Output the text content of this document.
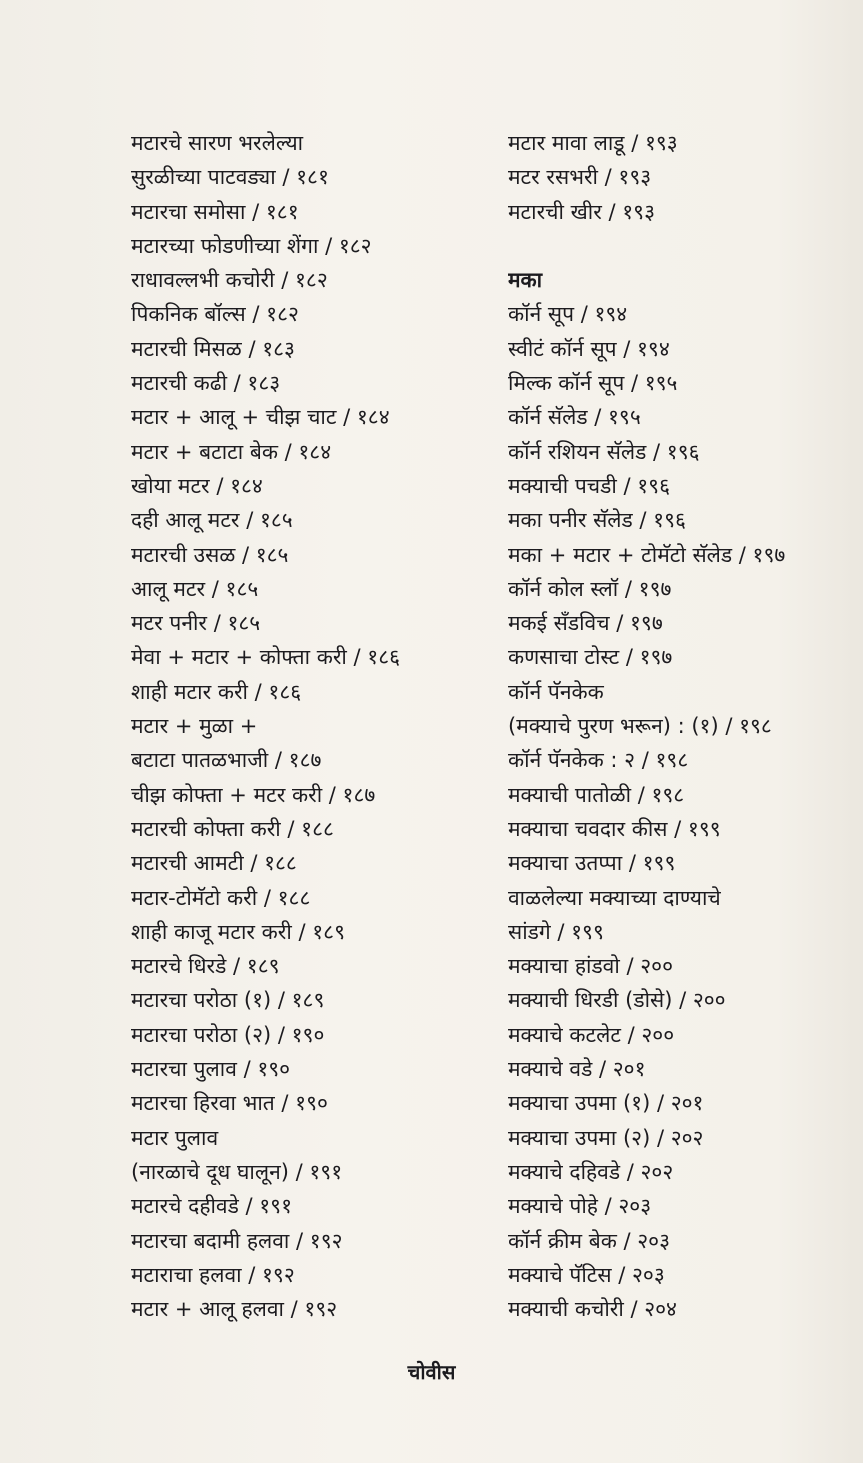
मटारचे सारण भरलेल्या
सुरळीच्या पाटवड्या / १८१
मटारचा समोसा / १८१
मटारच्या फोडणीच्या शेंगा / १८२
राधावल्लभी कचोरी / १८२
पिकनिक बॉल्स / १८२
मटारची मिसळ / १८३
मटारची कढी / १८३
मटार + आलू + चीझ चाट / १८४
मटार + बटाटा बेक / १८४
खोया मटर / १८४
दही आलू मटर / १८५
मटारची उसळ / १८५
आलू मटर / १८५
मटर पनीर / १८५
मेवा + मटार + कोफ्ता करी / १८६
शाही मटार करी / १८६
मटार + मुळा +
बटाटा पातळभाजी / १८७
चीझ कोफ्ता + मटर करी / १८७
मटारची कोफ्ता करी / १८८
मटारची आमटी / १८८
मटार-टोमॅटो करी / १८८
शाही काजू मटार करी / १८९
मटारचे धिरडे / १८९
मटारचा परोठा (१) / १८९
मटारचा परोठा (२) / १९०
मटारचा पुलाव / १९०
मटारचा हिरवा भात / १९०
मटार पुलाव
(नारळाचे दूध घालून) / १९१
मटारचे दहीवडे / १९१
मटारचा बदामी हलवा / १९२
मटाराचा हलवा / १९२
मटार + आलू हलवा / १९२
मटार मावा लाडू / १९३
मटर रसभरी / १९३
मटारची खीर / १९३
मका
कॉर्न सूप / १९४
स्वीटं कॉर्न सूप / १९४
मिल्क कॉर्न सूप / १९५
कॉर्न सॅलेड / १९५
कॉर्न रशियन सॅलेड / १९६
मक्याची पचडी / १९६
मका पनीर सॅलेड / १९६
मका + मटार + टोमॅटो सॅलेड / १९७
कॉर्न कोल स्लॉ / १९७
मकई सँडविच / १९७
कणसाचा टोस्ट / १९७
कॉर्न पॅनकेक
(मक्याचे पुरण भरून) : (१) / १९८
कॉर्न पॅनकेक : २ / १९८
मक्याची पातोळी / १९८
मक्याचा चवदार कीस / १९९
मक्याचा उतप्पा / १९९
वाळलेल्या मक्याच्या दाण्याचे
सांडगे / १९९
मक्याचा हांडवो / २००
मक्याची धिरडी (डोसे) / २००
मक्याचे कटलेट / २००
मक्याचे वडे / २०१
मक्याचा उपमा (१) / २०१
मक्याचा उपमा (२) / २०२
मक्याचे दहिवडे / २०२
मक्याचे पोहे / २०३
कॉर्न क्रीम बेक / २०३
मक्याचे पॅटिस / २०३
मक्याची कचोरी / २०४
चोवीस
